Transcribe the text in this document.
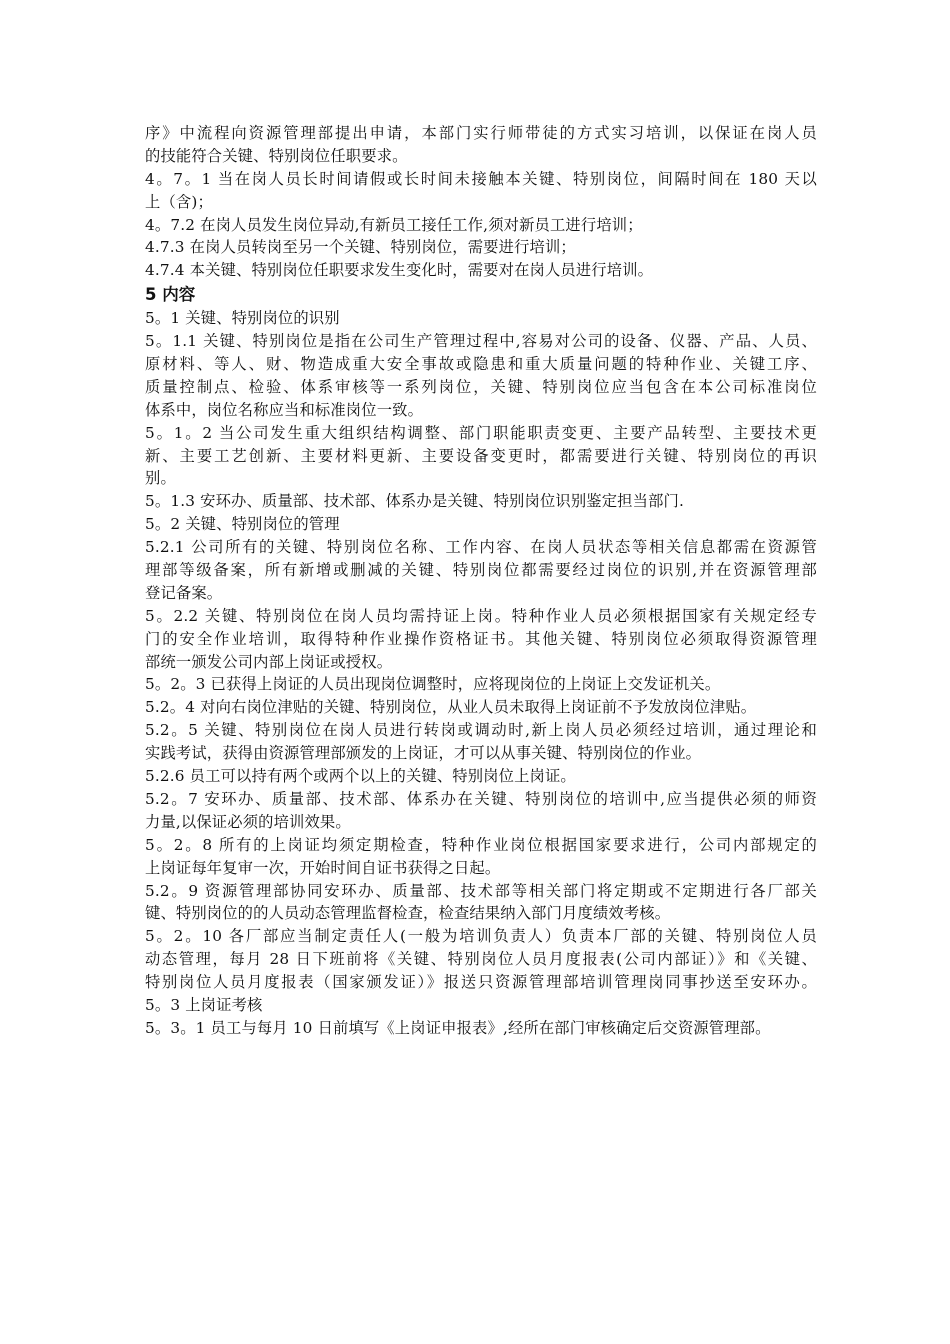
序》中流程向资源管理部提出申请，本部门实行师带徒的方式实习培训，以保证在岗人员
的技能符合关键、特别岗位任职要求。
4。7。1 当在岗人员长时间请假或长时间未接触本关键、特别岗位，间隔时间在 180 天以
上（含)；
4。7.2 在岗人员发生岗位异动,有新员工接任工作,须对新员工进行培训；
4.7.3 在岗人员转岗至另一个关键、特别岗位，需要进行培训；
4.7.4 本关键、特别岗位任职要求发生变化时，需要对在岗人员进行培训。
5 内容
5。1 关键、特别岗位的识别
5。1.1 关键、特别岗位是指在公司生产管理过程中,容易对公司的设备、仪器、产品、人员、
原材料、等人、财、物造成重大安全事故或隐患和重大质量问题的特种作业、关键工序、
质量控制点、检验、体系审核等一系列岗位，关键、特别岗位应当包含在本公司标准岗位
体系中，岗位名称应当和标准岗位一致。
5。1。2 当公司发生重大组织结构调整、部门职能职责变更、主要产品转型、主要技术更
新、主要工艺创新、主要材料更新、主要设备变更时，都需要进行关键、特别岗位的再识
别。
5。1.3 安环办、质量部、技术部、体系办是关键、特别岗位识别鉴定担当部门.
5。2 关键、特别岗位的管理
5.2.1 公司所有的关键、特别岗位名称、工作内容、在岗人员状态等相关信息都需在资源管
理部等级备案，所有新增或删减的关键、特别岗位都需要经过岗位的识别,并在资源管理部
登记备案。
5。2.2 关键、特别岗位在岗人员均需持证上岗。特种作业人员必须根据国家有关规定经专
门的安全作业培训，取得特种作业操作资格证书。其他关键、特别岗位必须取得资源管理
部统一颁发公司内部上岗证或授权。
5。2。3 已获得上岗证的人员出现岗位调整时，应将现岗位的上岗证上交发证机关。
5.2。4 对向右岗位津贴的关键、特别岗位，从业人员未取得上岗证前不予发放岗位津贴。
5.2。5 关键、特别岗位在岗人员进行转岗或调动时,新上岗人员必须经过培训，通过理论和
实践考试，获得由资源管理部颁发的上岗证，才可以从事关键、特别岗位的作业。
5.2.6 员工可以持有两个或两个以上的关键、特别岗位上岗证。
5.2。7 安环办、质量部、技术部、体系办在关键、特别岗位的培训中,应当提供必须的师资
力量,以保证必须的培训效果。
5。2。8 所有的上岗证均须定期检查，特种作业岗位根据国家要求进行，公司内部规定的
上岗证每年复审一次，开始时间自证书获得之日起。
5.2。9 资源管理部协同安环办、质量部、技术部等相关部门将定期或不定期进行各厂部关
键、特别岗位的的人员动态管理监督检查，检查结果纳入部门月度绩效考核。
5。2。10 各厂部应当制定责任人(一般为培训负责人）负责本厂部的关键、特别岗位人员
动态管理，每月 28 日下班前将《关键、特别岗位人员月度报表(公司内部证）》和《关键、
特别岗位人员月度报表（国家颁发证）》报送只资源管理部培训管理岗同事抄送至安环办。
5。3 上岗证考核
5。3。1 员工与每月 10 日前填写《上岗证申报表》,经所在部门审核确定后交资源管理部。
